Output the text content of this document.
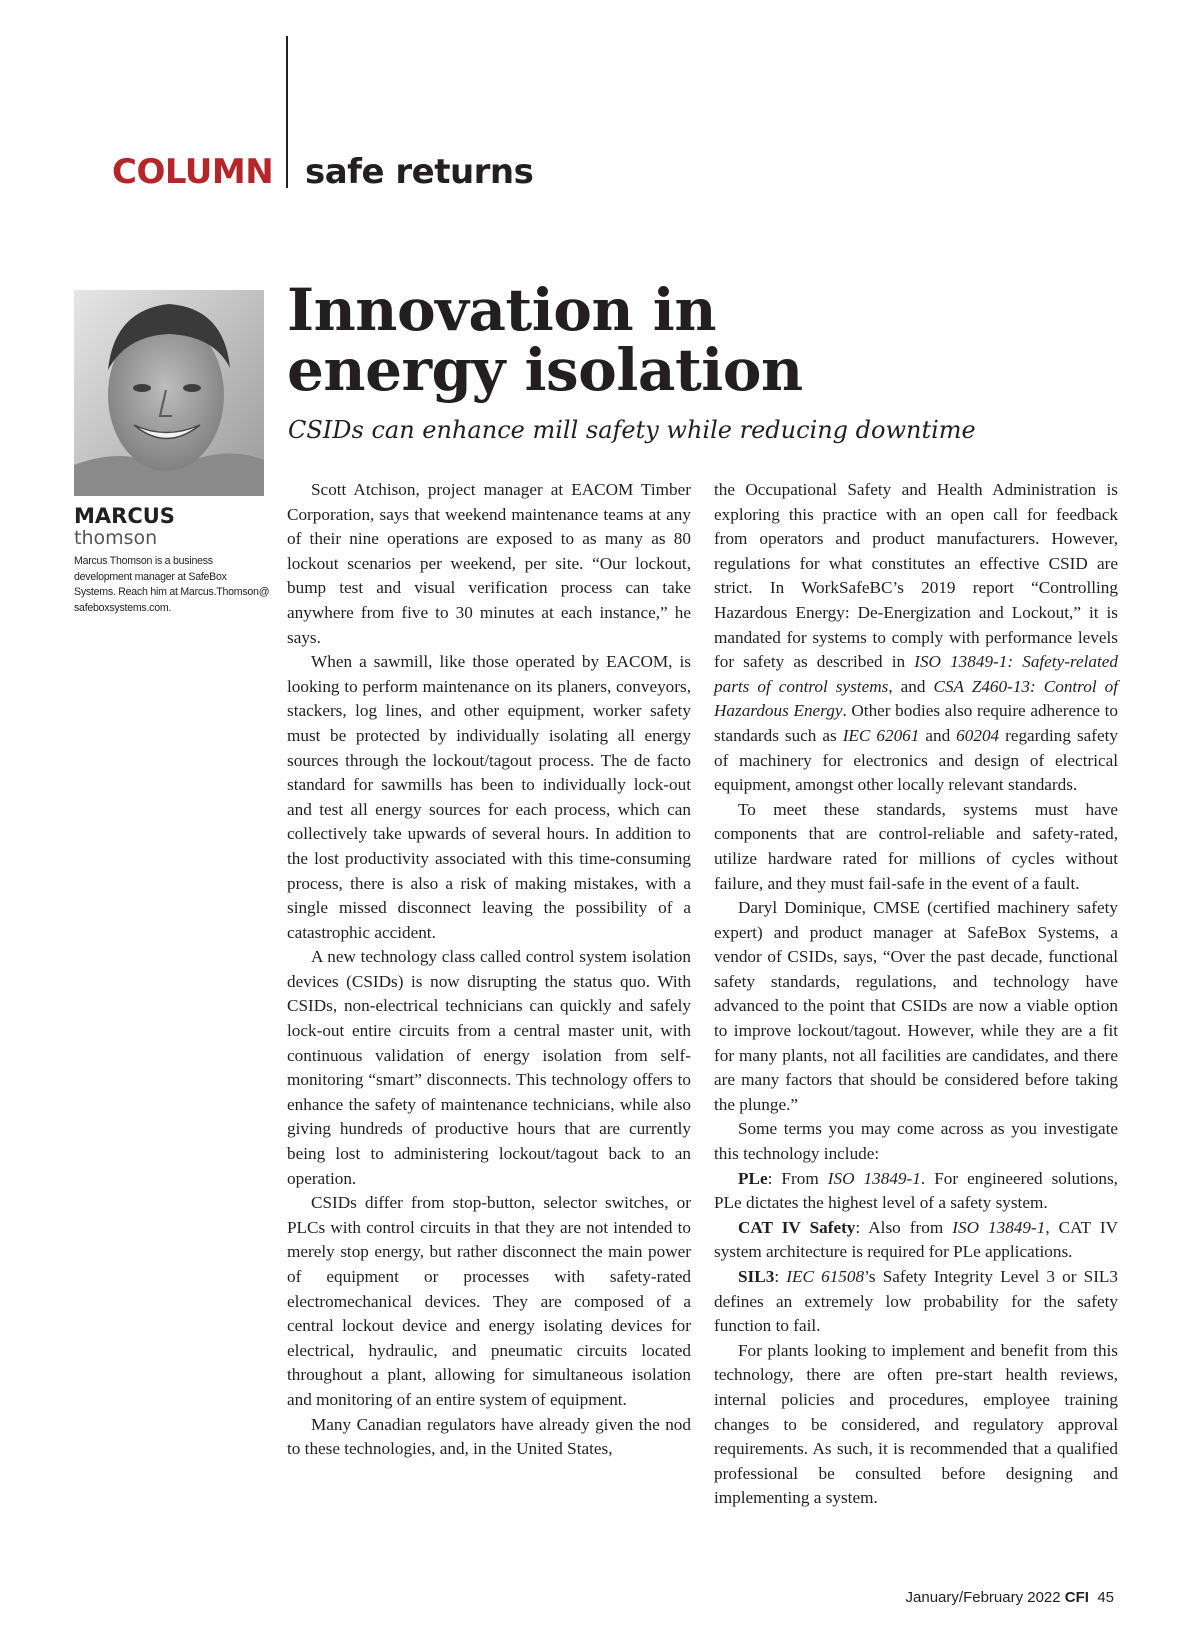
COLUMN safe returns
MARCUS
thomson
Marcus Thomson is a business development manager at SafeBox Systems. Reach him at Marcus.Thomson@ safeboxsystems.com.
Innovation in
energy isolation

CSIDs can enhance mill safety while reducing downtime

Scott Atchison, project manager at EACOM Timber Corporation, says that weekend maintenance teams at any of their nine operations are exposed to as many as 80 lockout scenarios per weekend, per site. “Our lockout, bump test and visual verification process can take anywhere from five to 30 minutes at each instance,” he says.

When a sawmill, like those operated by EACOM, is looking to perform maintenance on its planers, conveyors, stackers, log lines, and other equipment, worker safety must be protected by individually isolating all energy sources through the lockout/tagout process. The de facto standard for sawmills has been to individually lock-out and test all energy sources for each process, which can collectively take upwards of several hours. In addition to the lost productivity associated with this time-consuming process, there is also a risk of making mistakes, with a single missed disconnect leaving the possibility of a catastrophic accident.

A new technology class called control system isolation devices (CSIDs) is now disrupting the status quo. With CSIDs, non-electrical technicians can quickly and safely lock-out entire circuits from a central master unit, with continuous validation of energy isolation from self-monitoring “smart” disconnects. This technology offers to enhance the safety of maintenance technicians, while also giving hundreds of productive hours that are currently being lost to administering lockout/tagout back to an operation.

CSIDs differ from stop-button, selector switches, or PLCs with control circuits in that they are not intended to merely stop energy, but rather disconnect the main power of equipment or processes with safety-rated electromechanical devices. They are composed of a central lockout device and energy isolating devices for electrical, hydraulic, and pneumatic circuits located throughout a plant, allowing for simultaneous isolation and monitoring of an entire system of equipment.

Many Canadian regulators have already given the nod to these technologies, and, in the United States,

the Occupational Safety and Health Administration is exploring this practice with an open call for feedback from operators and product manufacturers. However, regulations for what constitutes an effective CSID are strict. In WorkSafeBC’s 2019 report “Controlling Hazardous Energy: De-Energization and Lockout,” it is mandated for systems to comply with performance levels for safety as described in ISO 13849-1: Safety-related parts of control systems, and CSA Z460-13: Control of Hazardous Energy. Other bodies also require adherence to standards such as IEC 62061 and 60204 regarding safety of machinery for electronics and design of electrical equipment, amongst other locally relevant standards.

To meet these standards, systems must have components that are control-reliable and safety-rated, utilize hardware rated for millions of cycles without failure, and they must fail-safe in the event of a fault.

Daryl Dominique, CMSE (certified machinery safety expert) and product manager at SafeBox Systems, a vendor of CSIDs, says, “Over the past decade, functional safety standards, regulations, and technology have advanced to the point that CSIDs are now a viable option to improve lockout/tagout. However, while they are a fit for many plants, not all facilities are candidates, and there are many factors that should be considered before taking the plunge.”

Some terms you may come across as you investigate this technology include:

PLe: From ISO 13849-1. For engineered solutions, PLe dictates the highest level of a safety system.

CAT IV Safety: Also from ISO 13849-1, CAT IV system architecture is required for PLe applications.

SIL3: IEC 61508’s Safety Integrity Level 3 or SIL3 defines an extremely low probability for the safety function to fail.

For plants looking to implement and benefit from this technology, there are often pre-start health reviews, internal policies and procedures, employee training changes to be considered, and regulatory approval requirements. As such, it is recommended that a qualified professional be consulted before designing and implementing a system.

January/February 2022 CFI 45
